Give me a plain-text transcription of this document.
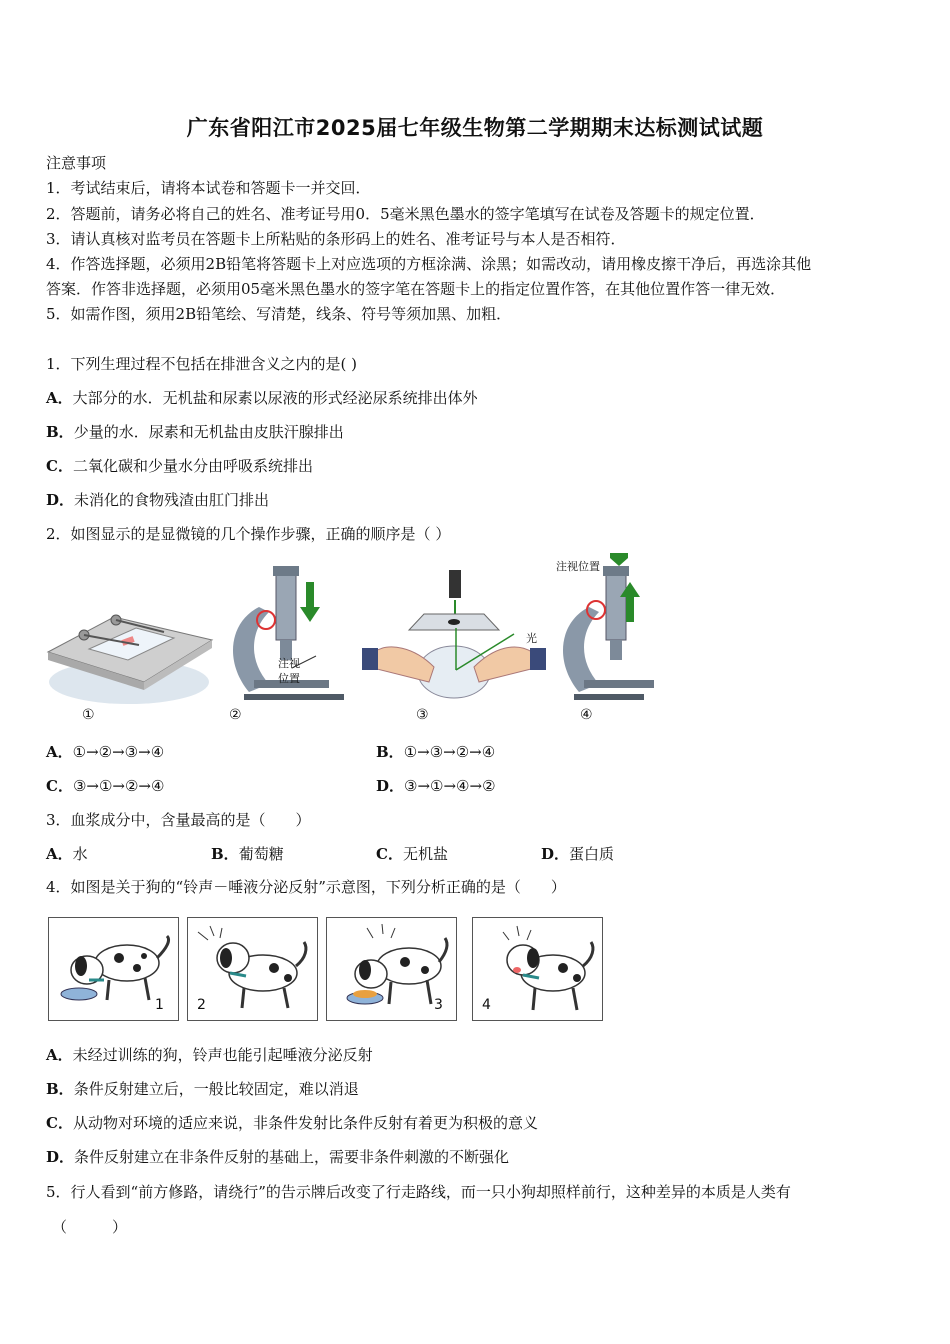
广东省阳江市2025届七年级生物第二学期期末达标测试试题
注意事项
1．考试结束后，请将本试卷和答题卡一并交回．
2．答题前，请务必将自己的姓名、准考证号用0．5毫米黑色墨水的签字笔填写在试卷及答题卡的规定位置．
3．请认真核对监考员在答题卡上所粘贴的条形码上的姓名、准考证号与本人是否相符．
4．作答选择题，必须用2B铅笔将答题卡上对应选项的方框涂满、涂黑；如需改动，请用橡皮擦干净后，再选涂其他
答案．作答非选择题，必须用05毫米黑色墨水的签字笔在答题卡上的指定位置作答，在其他位置作答一律无效．
5．如需作图，须用2B铅笔绘、写清楚，线条、符号等须加黑、加粗．
1．下列生理过程不包括在排泄含义之内的是( )
A．大部分的水．无机盐和尿素以尿液的形式经泌尿系统排出体外
B．少量的水．尿素和无机盐由皮肤汗腺排出
C．二氧化碳和少量水分由呼吸系统排出
D．未消化的食物残渣由肛门排出
2．如图显示的是显微镜的几个操作步骤，正确的顺序是（ ）
注视
位置
注视位置
光
①	②	③	④
A．①→②→③→④	B．①→③→②→④
C．③→①→②→④	D．③→①→④→②
3．血浆成分中，含量最高的是（　　）
A．水	B．葡萄糖	C．无机盐	D．蛋白质
4．如图是关于狗的“铃声－唾液分泌反射”示意图，下列分析正确的是（　　）
1 2	3	4
A．未经过训练的狗，铃声也能引起唾液分泌反射
B．条件反射建立后，一般比较固定，难以消退
C．从动物对环境的适应来说，非条件发射比条件反射有着更为积极的意义
D．条件反射建立在非条件反射的基础上，需要非条件刺激的不断强化
5．行人看到“前方修路，请绕行”的告示牌后改变了行走路线，而一只小狗却照样前行，这种差异的本质是人类有
（　　　）
